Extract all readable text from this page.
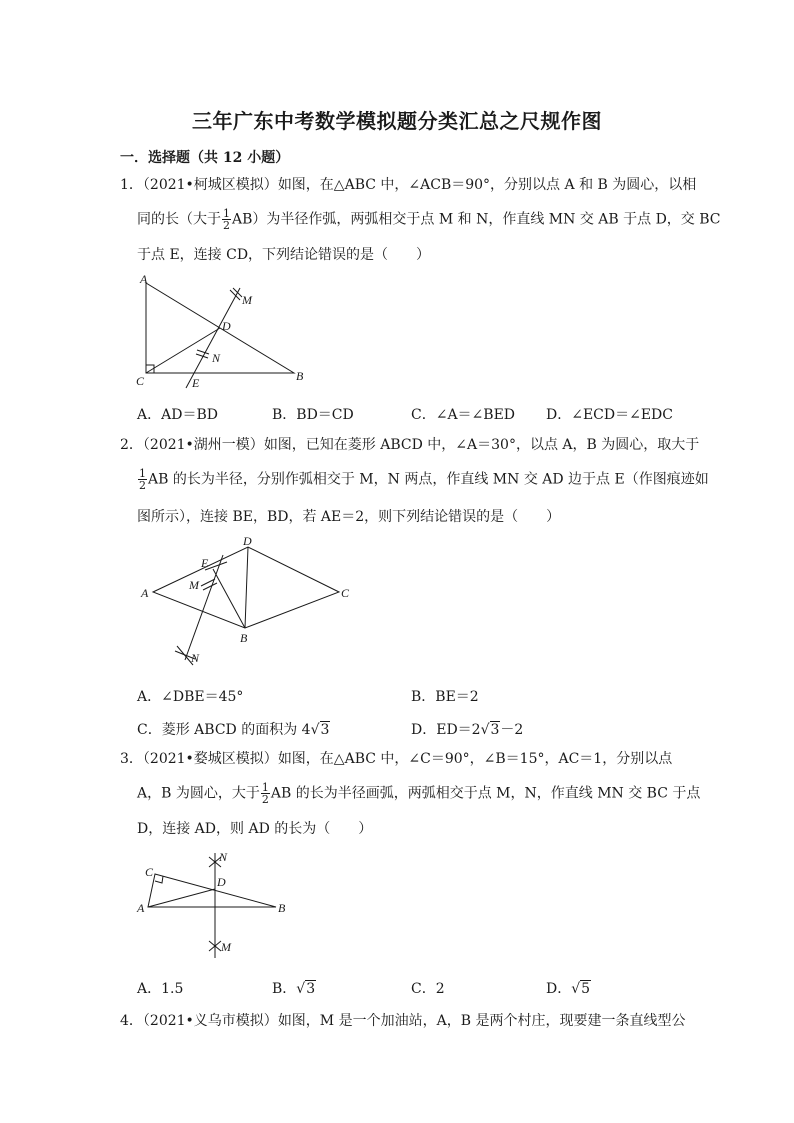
三年广东中考数学模拟题分类汇总之尺规作图
一．选择题（共 12 小题）
1．（2021•柯城区模拟）如图，在△ABC 中，∠ACB＝90°，分别以点 A 和 B 为圆心，以相
同的长（大于 $\frac{1}{2} AB$）为半径作弧，两弧相交于点 M 和 N，作直线 MN 交 AB 于点 D，交 BC
于点 E，连接 CD，下列结论错误的是（　　）
A
C	B
D
E
M
N
A．AD＝BD	B．BD＝CD	C．∠A＝∠BED D．∠ECD＝∠EDC
2．（2021•湖州一模）如图，已知在菱形 ABCD 中，∠A＝30°，以点 A，B 为圆心，取大于
$\frac{1}{2}$ AB 的长为半径，分别作弧相交于 M，N 两点，作直线 MN 交 AD 边于点 E（作图痕迹如
图所示），连接 BE，BD，若 AE＝2，则下列结论错误的是（　　）
A
D
C
B
E
M
N
A．∠DBE＝45°	B．BE＝2
C．菱形 ABCD 的面积为 4√3	D．ED＝2√3－2
3．（2021•婺城区模拟）如图，在△ABC 中，∠C＝90°，∠B＝15°，AC＝1，分别以点
A，B 为圆心，大于 $\frac{1}{2}$ AB 的长为半径画弧，两弧相交于点 M，N，作直线 MN 交 BC 于点
D，连接 AD，则 AD 的长为（　　）
C
A	B
D
N
M
A．1.5	B．√3	C．2	D．√5
4．（2021•义乌市模拟）如图，M 是一个加油站，A，B 是两个村庄，现要建一条直线型公
